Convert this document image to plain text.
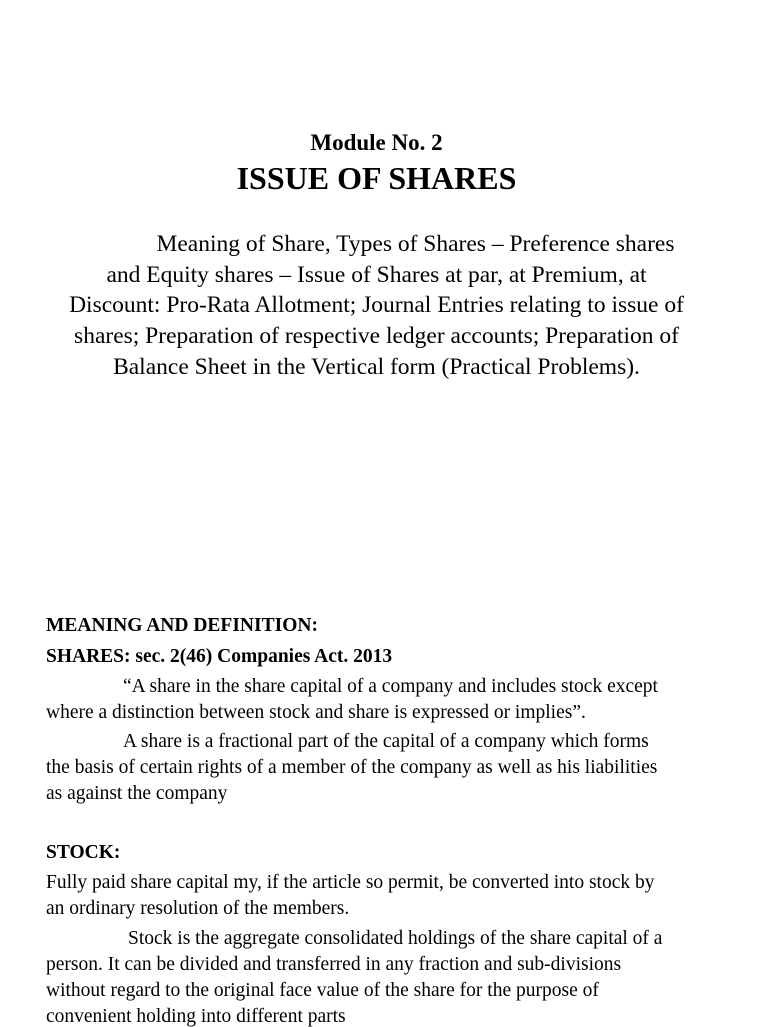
Module No. 2
ISSUE OF SHARES
Meaning of Share, Types of Shares – Preference shares
and Equity shares – Issue of Shares at par, at Premium, at
Discount: Pro-Rata Allotment; Journal Entries relating to issue of
shares; Preparation of respective ledger accounts; Preparation of
Balance Sheet in the Vertical form (Practical Problems).
MEANING AND DEFINITION:
SHARES: sec. 2(46) Companies Act. 2013
“A share in the share capital of a company and includes stock except
where a distinction between stock and share is expressed or implies”.
A share is a fractional part of the capital of a company which forms
the basis of certain rights of a member of the company as well as his liabilities
as against the company
STOCK:
Fully paid share capital my, if the article so permit, be converted into stock by
an ordinary resolution of the members.
Stock is the aggregate consolidated holdings of the share capital of a
person. It can be divided and transferred in any fraction and sub-divisions
without regard to the original face value of the share for the purpose of
convenient holding into different parts
